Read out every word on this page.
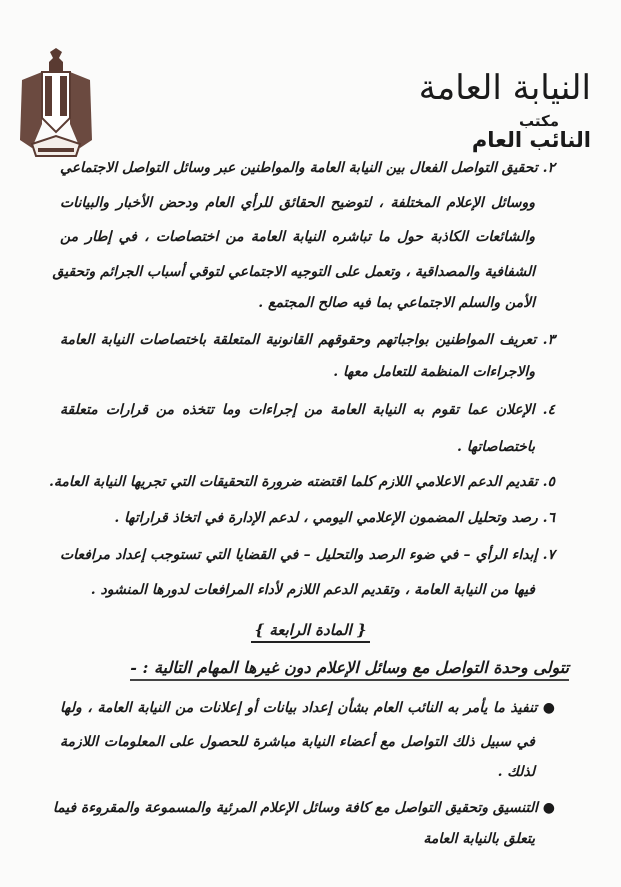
النيابة العامة
مكتب
النائب العام
٢. تحقيق التواصل الفعال بين النيابة العامة والمواطنين عبر وسائل التواصل الاجتماعي
ووسائل الإعلام المختلفة ، لتوضيح الحقائق للرأي العام ودحض الأخبار والبيانات
والشائعات الكاذبة حول ما تباشره النيابة العامة من اختصاصات ، في إطار من
الشفافية والمصداقية ، وتعمل على التوجيه الاجتماعي لتوقي أسباب الجرائم وتحقيق
الأمن والسلم الاجتماعي بما فيه صالح المجتمع .
٣. تعريف المواطنين بواجباتهم وحقوقهم القانونية المتعلقة باختصاصات النيابة العامة
والاجراءات المنظمة للتعامل معها .
٤. الإعلان عما تقوم به النيابة العامة من إجراءات وما تتخذه من قرارات متعلقة
باختصاصاتها .
٥. تقديم الدعم الاعلامي اللازم كلما اقتضته ضرورة التحقيقات التي تجريها النيابة العامة.
٦. رصد وتحليل المضمون الإعلامي اليومي ، لدعم الإدارة في اتخاذ قراراتها .
٧. إبداء الرأي – في ضوء الرصد والتحليل – في القضايا التي تستوجب إعداد مرافعات
فيها من النيابة العامة ، وتقديم الدعم اللازم لأداء المرافعات لدورها المنشود .
{ المادة الرابعة }
تتولى وحدة التواصل مع وسائل الإعلام دون غيرها المهام التالية : -
● تنفيذ ما يأمر به النائب العام بشأن إعداد بيانات أو إعلانات من النيابة العامة ، ولها
في سبيل ذلك التواصل مع أعضاء النيابة مباشرة للحصول على المعلومات اللازمة
لذلك .
● التنسيق وتحقيق التواصل مع كافة وسائل الإعلام المرئية والمسموعة والمقروءة فيما
يتعلق بالنيابة العامة
